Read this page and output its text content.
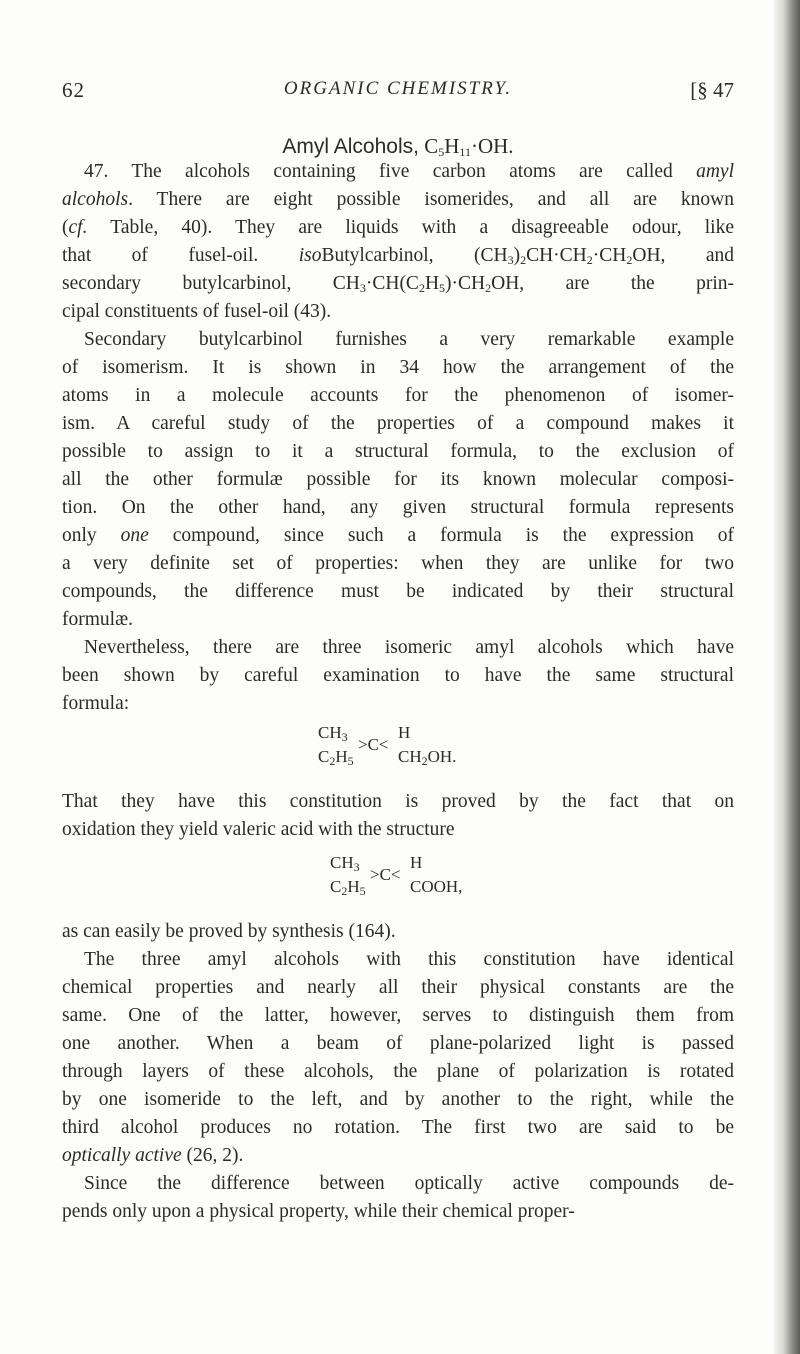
62	ORGANIC CHEMISTRY.	[§ 47
Amyl Alcohols, $C_5H_{11}\cdot OH$.

47. The alcohols containing five carbon atoms are called amyl
alcohols. There are eight possible isomerides, and all are known
(cf. Table, 40). They are liquids with a disagreeable odour, like
that of fusel-oil. isoButylcarbinol, $(CH_3)_2CH\cdot CH_2\cdot CH_2OH$, and
secondary butylcarbinol, $CH_3\cdot CH(C_2H_5)\cdot CH_2OH$, are the prin-
cipal constituents of fusel-oil (43).

Secondary butylcarbinol furnishes a very remarkable example
of isomerism. It is shown in 34 how the arrangement of the
atoms in a molecule accounts for the phenomenon of isomer-
ism. A careful study of the properties of a compound makes it
possible to assign to it a structural formula, to the exclusion of
all the other formulæ possible for its known molecular composi-
tion. On the other hand, any given structural formula represents
only one compound, since such a formula is the expression of
a very definite set of properties: when they are unlike for two
compounds, the difference must be indicated by their structural
formulæ.

Nevertheless, there are three isomeric amyl alcohols which have
been shown by careful examination to have the same structural
formula:

$CH_3$
$C_2H_5$
>C<
H
$CH_2OH$.

That they have this constitution is proved by the fact that on
oxidation they yield valeric acid with the structure

$CH_3$
$C_2H_5$
>C<
H
COOH,

as can easily be proved by synthesis (164).

The three amyl alcohols with this constitution have identical
chemical properties and nearly all their physical constants are the
same. One of the latter, however, serves to distinguish them from
one another. When a beam of plane-polarized light is passed
through layers of these alcohols, the plane of polarization is rotated
by one isomeride to the left, and by another to the right, while the
third alcohol produces no rotation. The first two are said to be
optically active (26, 2).

Since the difference between optically active compounds de-
pends only upon a physical property, while their chemical proper-
